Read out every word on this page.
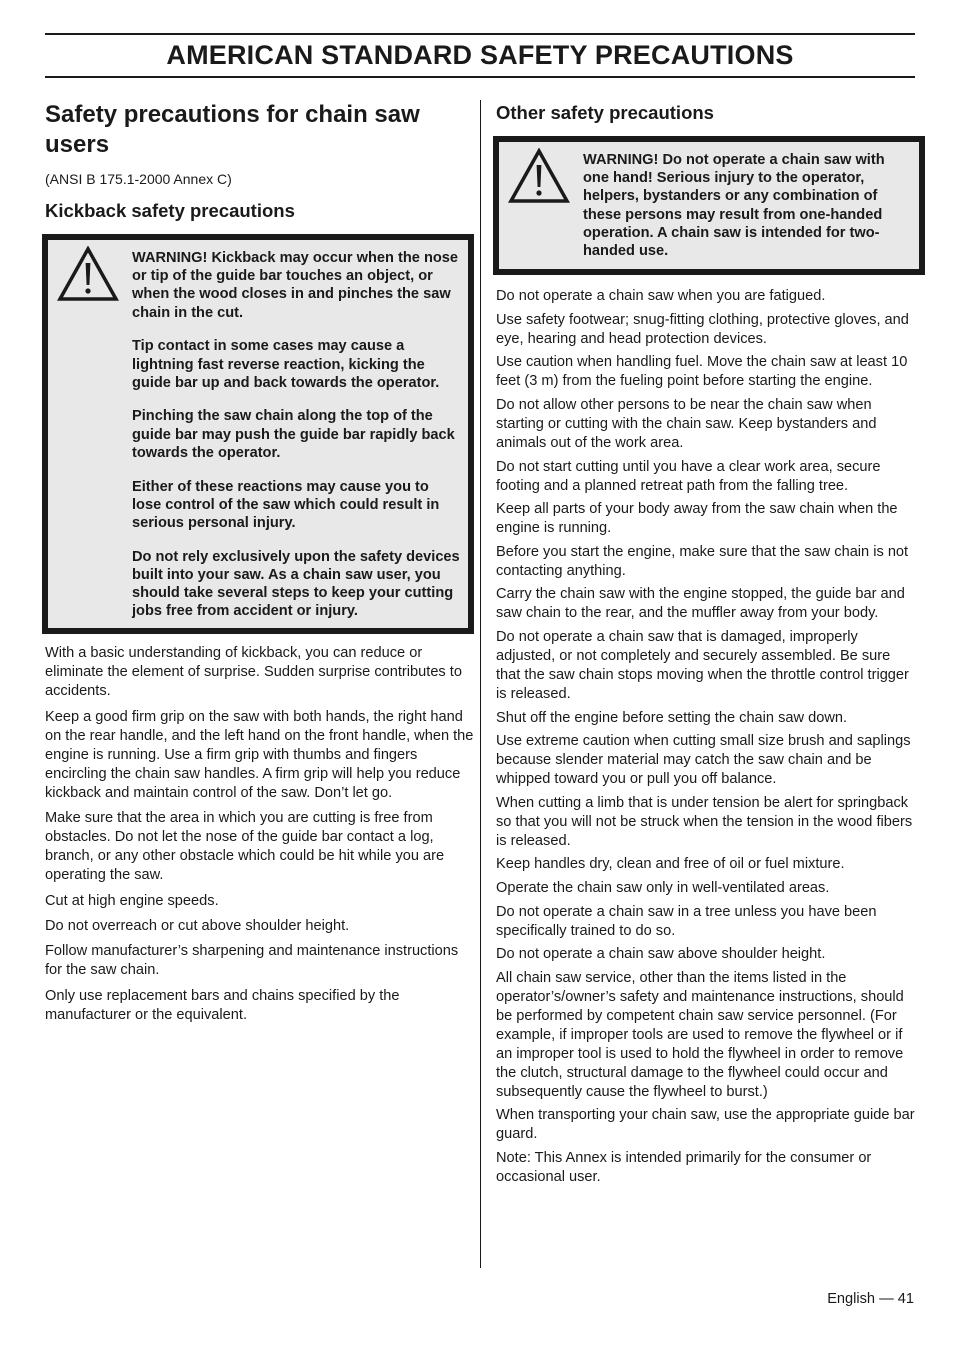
AMERICAN STANDARD SAFETY PRECAUTIONS
Safety precautions for chain saw users

(ANSI B 175.1-2000 Annex C)

Kickback safety precautions

WARNING! Kickback may occur when the nose or tip of the guide bar touches an object, or when the wood closes in and pinches the saw chain in the cut.

Tip contact in some cases may cause a lightning fast reverse reaction, kicking the guide bar up and back towards the operator.

Pinching the saw chain along the top of the guide bar may push the guide bar rapidly back towards the operator.

Either of these reactions may cause you to lose control of the saw which could result in serious personal injury.

Do not rely exclusively upon the safety devices built into your saw. As a chain saw user, you should take several steps to keep your cutting jobs free from accident or injury.

With a basic understanding of kickback, you can reduce or eliminate the element of surprise. Sudden surprise contributes to accidents.

Keep a good firm grip on the saw with both hands, the right hand on the rear handle, and the left hand on the front handle, when the engine is running. Use a firm grip with thumbs and fingers encircling the chain saw handles. A firm grip will help you reduce kickback and maintain control of the saw. Don’t let go.

Make sure that the area in which you are cutting is free from obstacles. Do not let the nose of the guide bar contact a log, branch, or any other obstacle which could be hit while you are operating the saw.

Cut at high engine speeds.

Do not overreach or cut above shoulder height.

Follow manufacturer’s sharpening and maintenance instructions for the saw chain.

Only use replacement bars and chains specified by the manufacturer or the equivalent.

Other safety precautions

WARNING! Do not operate a chain saw with one hand! Serious injury to the operator, helpers, bystanders or any combination of these persons may result from one-handed operation. A chain saw is intended for two-handed use.

Do not operate a chain saw when you are fatigued.

Use safety footwear; snug-fitting clothing, protective gloves, and eye, hearing and head protection devices.

Use caution when handling fuel. Move the chain saw at least 10 feet (3 m) from the fueling point before starting the engine.

Do not allow other persons to be near the chain saw when starting or cutting with the chain saw. Keep bystanders and animals out of the work area.

Do not start cutting until you have a clear work area, secure footing and a planned retreat path from the falling tree.

Keep all parts of your body away from the saw chain when the engine is running.

Before you start the engine, make sure that the saw chain is not contacting anything.

Carry the chain saw with the engine stopped, the guide bar and saw chain to the rear, and the muffler away from your body.

Do not operate a chain saw that is damaged, improperly adjusted, or not completely and securely assembled. Be sure that the saw chain stops moving when the throttle control trigger is released.

Shut off the engine before setting the chain saw down.

Use extreme caution when cutting small size brush and saplings because slender material may catch the saw chain and be whipped toward you or pull you off balance.

When cutting a limb that is under tension be alert for springback so that you will not be struck when the tension in the wood fibers is released.

Keep handles dry, clean and free of oil or fuel mixture.

Operate the chain saw only in well-ventilated areas.

Do not operate a chain saw in a tree unless you have been specifically trained to do so.

Do not operate a chain saw above shoulder height.

All chain saw service, other than the items listed in the operator’s/owner’s safety and maintenance instructions, should be performed by competent chain saw service personnel. (For example, if improper tools are used to remove the flywheel or if an improper tool is used to hold the flywheel in order to remove the clutch, structural damage to the flywheel could occur and subsequently cause the flywheel to burst.)

When transporting your chain saw, use the appropriate guide bar guard.

Note: This Annex is intended primarily for the consumer or occasional user.

English — 41
